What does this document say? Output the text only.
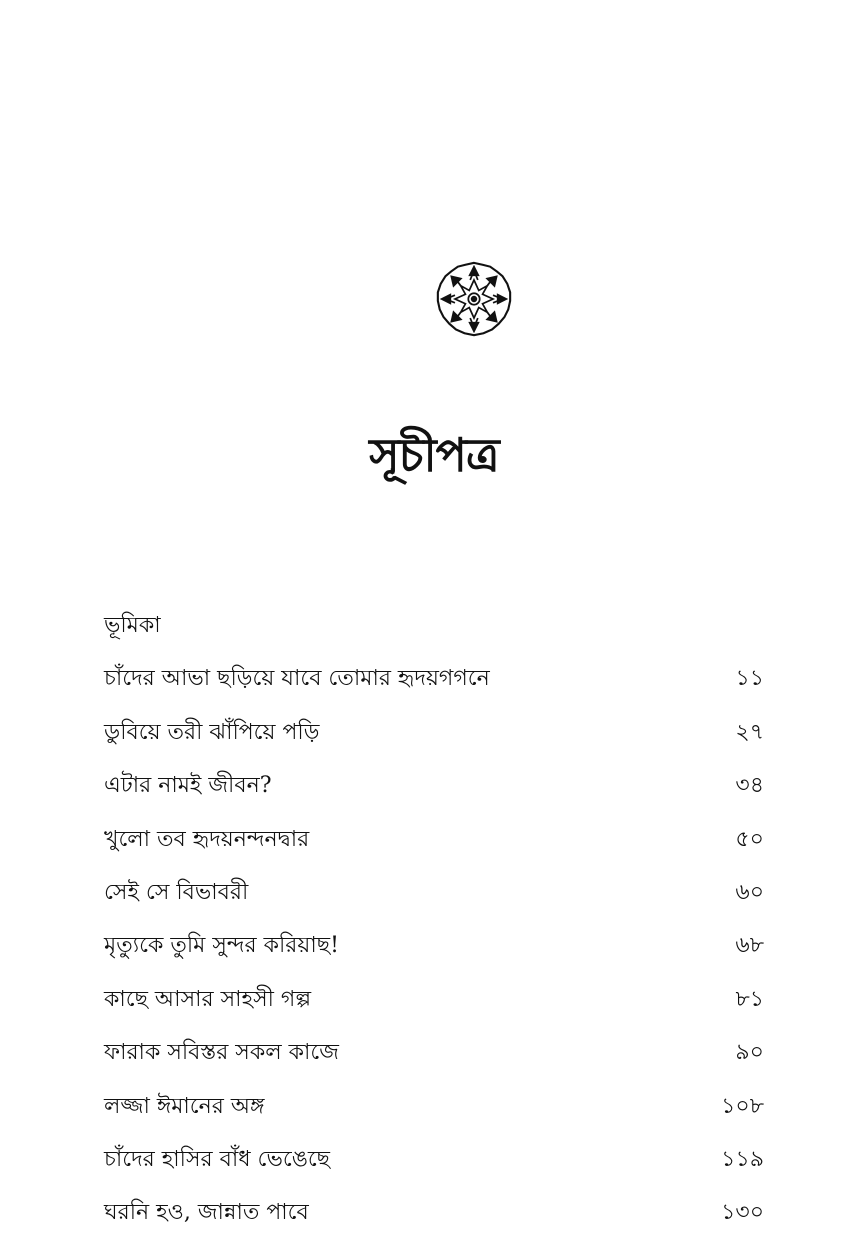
সূচীপত্র
ভূমিকা
চাঁদের আভা ছড়িয়ে যাবে তোমার হৃদয়গগনে	১১
ডুবিয়ে তরী ঝাঁপিয়ে পড়ি	২৭
এটার নামই জীবন?	৩৪
খুলো তব হৃদয়নন্দনদ্বার	৫০
সেই সে বিভাবরী	৬০
মৃত্যুকে তুমি সুন্দর করিয়াছ!	৬৮
কাছে আসার সাহসী গল্প	৮১
ফারাক সবিস্তর সকল কাজে	৯০
লজ্জা ঈমানের অঙ্গ	১০৮
চাঁদের হাসির বাঁধ ভেঙেছে	১১৯
ঘরনি হও, জান্নাত পাবে	১৩০
